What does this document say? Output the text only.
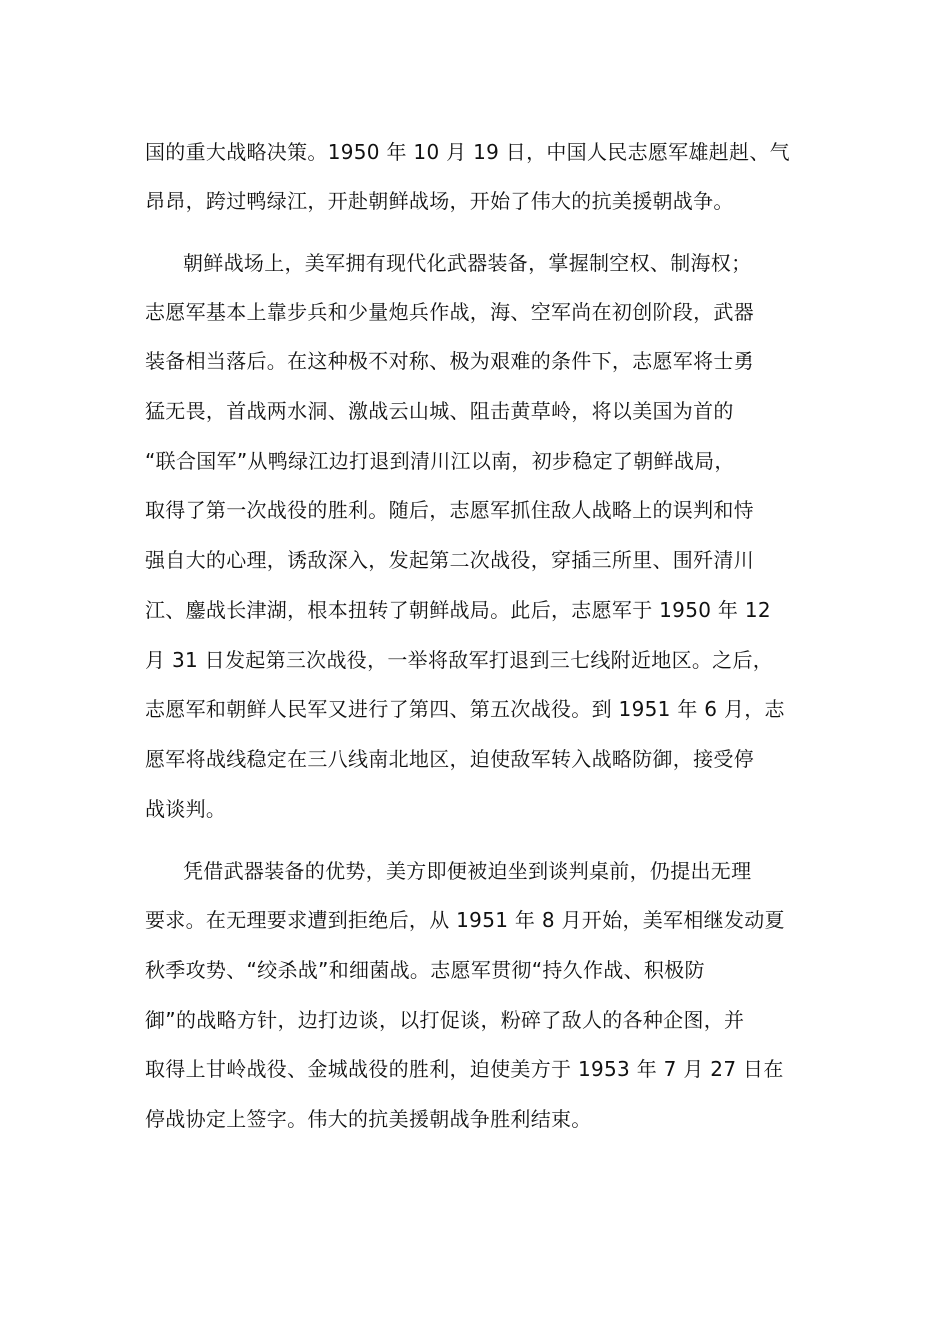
国的重大战略决策。1950 年 10 月 19 日，中国人民志愿军雄赳赳、气
昂昂，跨过鸭绿江，开赴朝鲜战场，开始了伟大的抗美援朝战争。
朝鲜战场上，美军拥有现代化武器装备，掌握制空权、制海权；
志愿军基本上靠步兵和少量炮兵作战，海、空军尚在初创阶段，武器
装备相当落后。在这种极不对称、极为艰难的条件下，志愿军将士勇
猛无畏，首战两水洞、激战云山城、阻击黄草岭，将以美国为首的
“联合国军”从鸭绿江边打退到清川江以南，初步稳定了朝鲜战局，
取得了第一次战役的胜利。随后，志愿军抓住敌人战略上的误判和恃
强自大的心理，诱敌深入，发起第二次战役，穿插三所里、围歼清川
江、鏖战长津湖，根本扭转了朝鲜战局。此后，志愿军于 1950 年 12
月 31 日发起第三次战役，一举将敌军打退到三七线附近地区。之后，
志愿军和朝鲜人民军又进行了第四、第五次战役。到 1951 年 6 月，志
愿军将战线稳定在三八线南北地区，迫使敌军转入战略防御，接受停
战谈判。
凭借武器装备的优势，美方即便被迫坐到谈判桌前，仍提出无理
要求。在无理要求遭到拒绝后，从 1951 年 8 月开始，美军相继发动夏
秋季攻势、“绞杀战”和细菌战。志愿军贯彻“持久作战、积极防
御”的战略方针，边打边谈，以打促谈，粉碎了敌人的各种企图，并
取得上甘岭战役、金城战役的胜利，迫使美方于 1953 年 7 月 27 日在
停战协定上签字。伟大的抗美援朝战争胜利结束。
